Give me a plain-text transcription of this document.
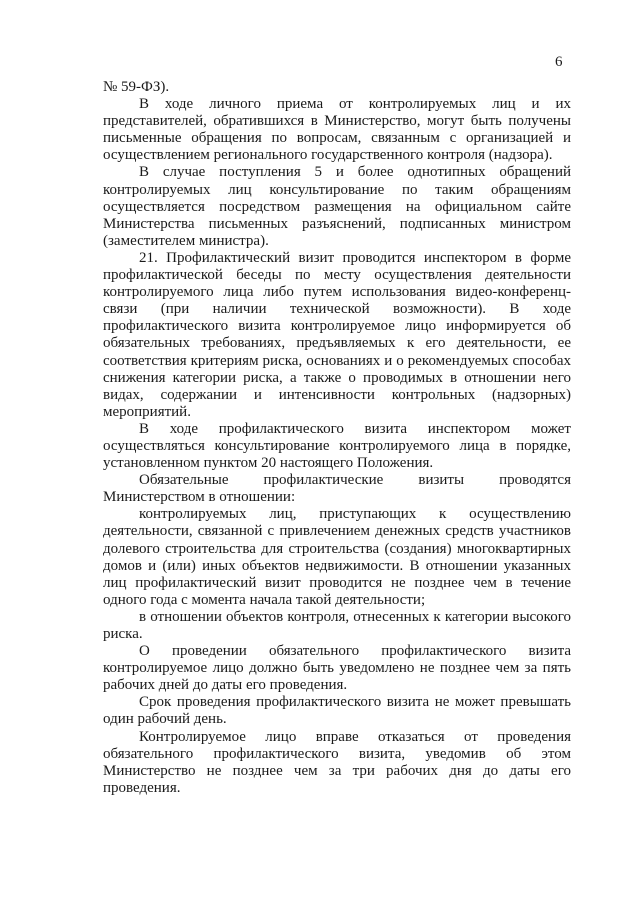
6

№ 59-ФЗ).

В ходе личного приема от контролируемых лиц и их представителей, обратившихся в Министерство, могут быть получены письменные обращения по вопросам, связанным с организацией и осуществлением регионального государственного контроля (надзора).

В случае поступления 5 и более однотипных обращений контролируемых лиц консультирование по таким обращениям осуществляется посредством размещения на официальном сайте Министерства письменных разъяснений, подписанных министром (заместителем министра).

21. Профилактический визит проводится инспектором в форме профилактической беседы по месту осуществления деятельности контролируемого лица либо путем использования видео-конференц-связи (при наличии технической возможности). В ходе профилактического визита контролируемое лицо информируется об обязательных требованиях, предъявляемых к его деятельности, ее соответствия критериям риска, основаниях и о рекомендуемых способах снижения категории риска, а также о проводимых в отношении него видах, содержании и интенсивности контрольных (надзорных) мероприятий.

В ходе профилактического визита инспектором может осуществляться консультирование контролируемого лица в порядке, установленном пунктом 20 настоящего Положения.

Обязательные профилактические визиты проводятся Министерством в отношении:

контролируемых лиц, приступающих к осуществлению деятельности, связанной с привлечением денежных средств участников долевого строительства для строительства (создания) многоквартирных домов и (или) иных объектов недвижимости. В отношении указанных лиц профилактический визит проводится не позднее чем в течение одного года с момента начала такой деятельности;

в отношении объектов контроля, отнесенных к категории высокого риска.

О проведении обязательного профилактического визита контролируемое лицо должно быть уведомлено не позднее чем за пять рабочих дней до даты его проведения.

Срок проведения профилактического визита не может превышать один рабочий день.

Контролируемое лицо вправе отказаться от проведения обязательного профилактического визита, уведомив об этом Министерство не позднее чем за три рабочих дня до даты его проведения.
